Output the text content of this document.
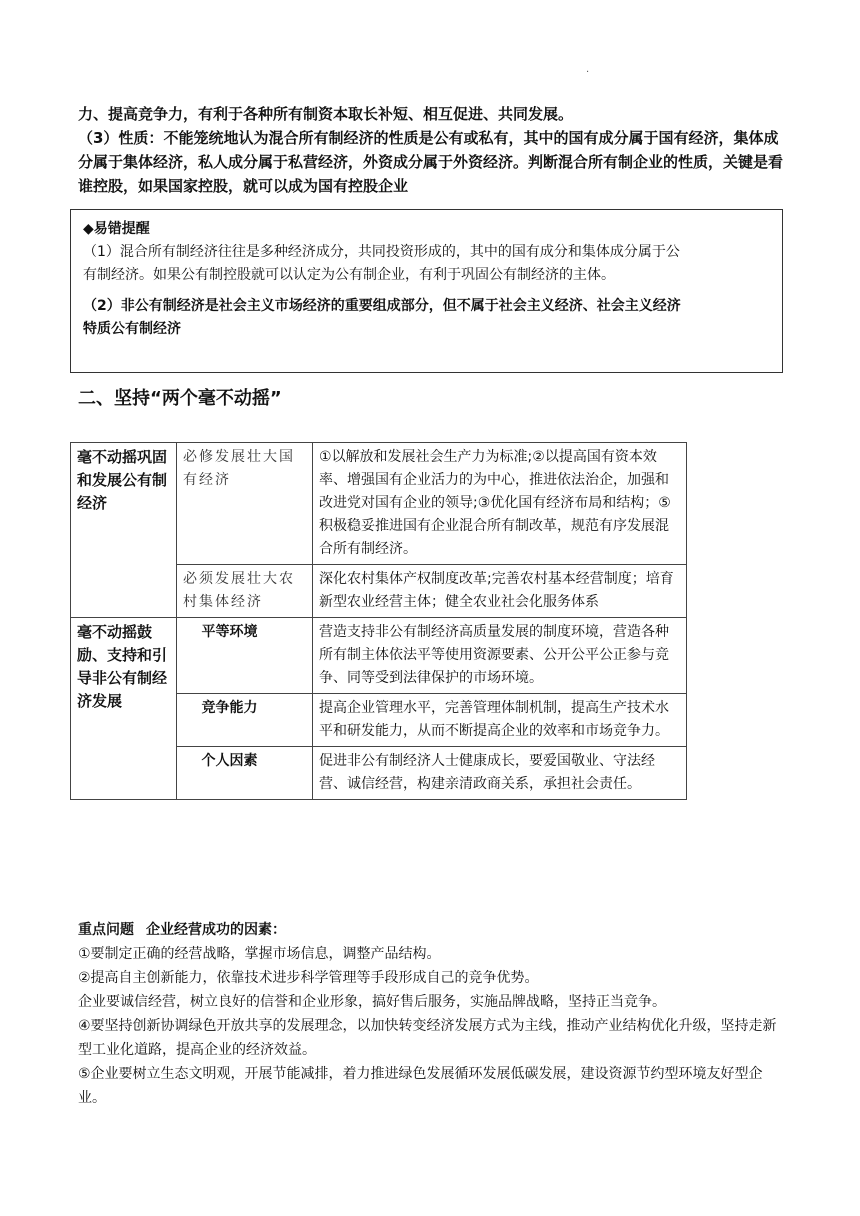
.

力、提高竞争力，有利于各种所有制资本取长补短、相互促进、共同发展。

（3）性质：不能笼统地认为混合所有制经济的性质是公有或私有，其中的国有成分属于国有经济，集体成分属于集体经济，私人成分属于私营经济，外资成分属于外资经济。判断混合所有制企业的性质，关键是看谁控股，如果国家控股，就可以成为国有控股企业

◆易错提醒

（1）混合所有制经济往往是多种经济成分，共同投资形成的，其中的国有成分和集体成分属于公有制经济。如果公有制控股就可以认定为公有制企业，有利于巩固公有制经济的主体。

（2）非公有制经济是社会主义市场经济的重要组成部分，但不属于社会主义经济、社会主义经济特质公有制经济

二、坚持“两个毫不动摇”
毫不动摇巩固和发展公有制经济	必修发展壮大国有经济	①以解放和发展社会生产力为标准;②以提高国有资本效率、增强国有企业活力的为中心，推进依法治企，加强和改进党对国有企业的领导;③优化国有经济布局和结构；⑤积极稳妥推进国有企业混合所有制改革，规范有序发展混合所有制经济。
	必须发展壮大农村集体经济	深化农村集体产权制度改革;完善农村基本经营制度；培育新型农业经营主体；健全农业社会化服务体系
毫不动摇鼓励、支持和引导非公有制经济发展	平等环境	营造支持非公有制经济高质量发展的制度环境，营造各种所有制主体依法平等使用资源要素、公开公平公正参与竞争、同等受到法律保护的市场环境。
	竞争能力	提高企业管理水平，完善管理体制机制，提高生产技术水平和研发能力，从而不断提高企业的效率和市场竞争力。
	个人因素	促进非公有制经济人士健康成长，要爱国敬业、守法经营、诚信经营，构建亲清政商关系，承担社会责任。

重点问题 企业经营成功的因素：

①要制定正确的经营战略，掌握市场信息，调整产品结构。

②提高自主创新能力，依靠技术进步科学管理等手段形成自己的竞争优势。

企业要诚信经营，树立良好的信誉和企业形象，搞好售后服务，实施品牌战略，坚持正当竞争。

④要坚持创新协调绿色开放共享的发展理念，以加快转变经济发展方式为主线，推动产业结构优化升级，坚持走新型工业化道路，提高企业的经济效益。

⑤企业要树立生态文明观，开展节能减排，着力推进绿色发展循环发展低碳发展，建设资源节约型环境友好型企业。
